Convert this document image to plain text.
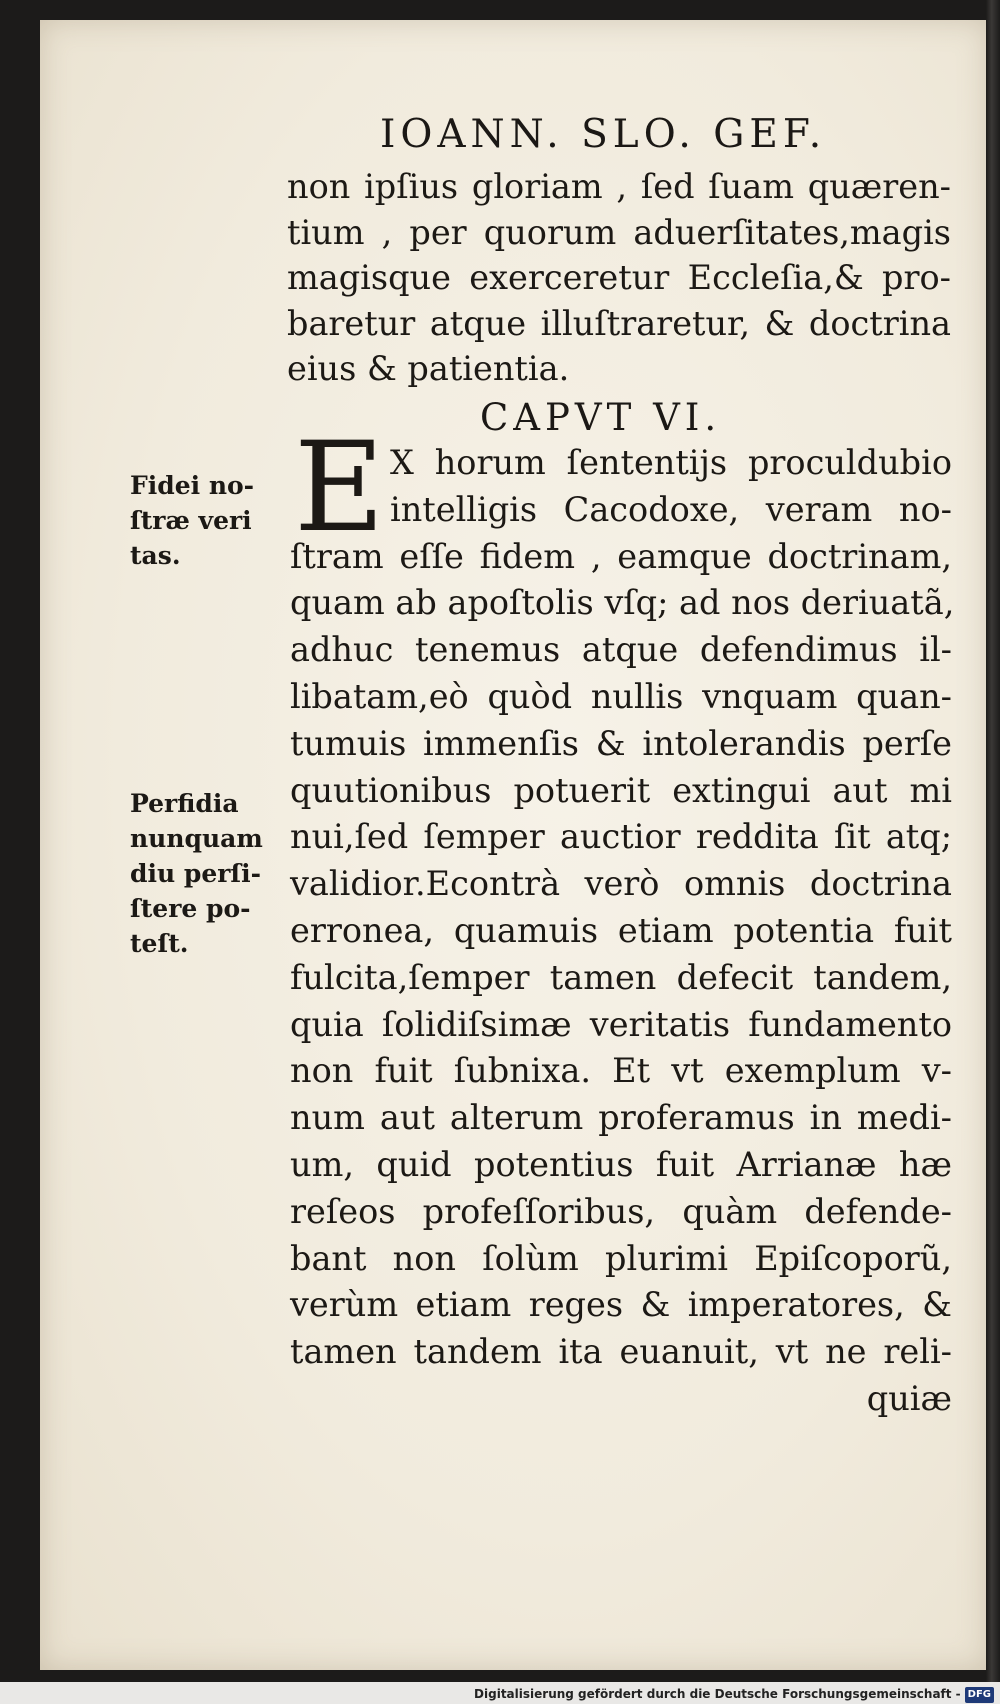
IOANN. SLO. GEF.
non ipſius gloriam , ſed ſuam quæren-
tium , per quorum aduerſitates,magis
magisque exerceretur Eccleſia,& pro-
baretur atque illuſtraretur, & doctrina
eius & patientia.
CAPVT VI.
E X horum ſententijs proculdubio
intelligis Cacodoxe, veram no-
ſtram eſſe fidem , eamque doctrinam,
quam ab apoſtolis vſq; ad nos deriuatã,
adhuc tenemus atque defendimus il-
libatam,eò quòd nullis vnquam quan-
tumuis immenſis & intolerandis perſe
quutionibus potuerit extingui aut mi
nui,ſed ſemper auctior reddita ſit atq;
validior.Econtrà verò omnis doctrina
erronea, quamuis etiam potentia fuit
fulcita,ſemper tamen defecit tandem,
quia ſolidiſsimæ veritatis fundamento
non fuit ſubnixa. Et vt exemplum v-
num aut alterum proferamus in medi-
um, quid potentius fuit Arrianæ hæ
reſeos profeſſoribus, quàm defende-
bant non ſolùm plurimi Epiſcoporũ,
verùm etiam reges & imperatores, &
tamen tandem ita euanuit, vt ne reli-
quiæ
Fidei no-
ſtræ veri
tas.
Perfidia
nunquam
diu perſi-
ſtere po-
teſt.
Digitalisierung gefördert durch die Deutsche Forschungsgemeinschaft - DFG
